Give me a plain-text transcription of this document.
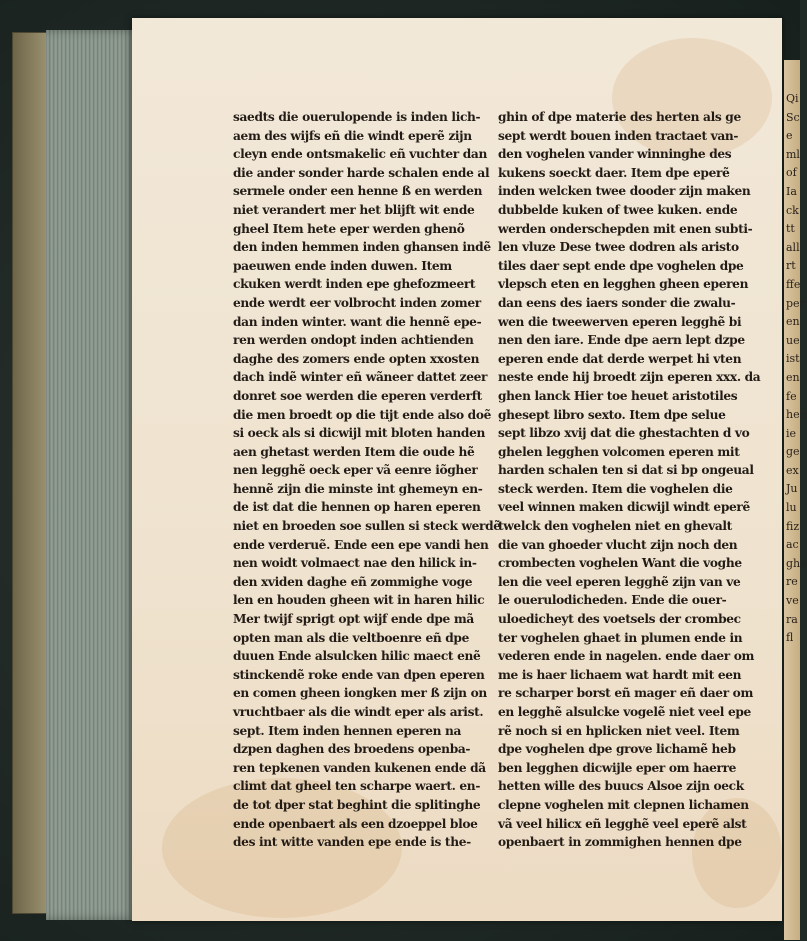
saedts die ouerulopende is inden lich-
aem des wijfs eñ die windt eperẽ zijn
cleyn ende ontsmakelic eñ vuchter dan
die ander sonder harde schalen ende al
sermele onder een henne ß en werden
niet verandert mer het blijft wit ende
gheel Item hete eper werden ghenõ
den inden hemmen inden ghansen indẽ
paeuwen ende inden duwen. Item
ckuken werdt inden epe ghefozmeert
ende werdt eer volbrocht inden zomer
dan inden winter. want die hennẽ epe-
ren werden ondopt inden achtienden
daghe des zomers ende opten xxosten
dach indẽ winter eñ wãneer dattet zeer
donret soe werden die eperen verderft
die men broedt op die tijt ende also doẽ
si oeck als si dicwijl mit bloten handen
aen ghetast werden Item die oude hẽ
nen legghẽ oeck eper vã eenre iõgher
hennẽ zijn die minste int ghemeyn en-
de ist dat die hennen op haren eperen
niet en broeden soe sullen si steck werdẽ
ende verderuẽ. Ende een epe vandi hen
nen woidt volmaect nae den hilick in-
den xviden daghe eñ zommighe voge
len en houden gheen wit in haren hilic
Mer twijf sprigt opt wijf ende dpe mã
opten man als die veltboenre eñ dpe
duuen Ende alsulcken hilic maect enẽ
stinckendẽ roke ende van dpen eperen
en comen gheen iongken mer ß zijn on
vruchtbaer als die windt eper als arist.
sept. Item inden hennen eperen na
dzpen daghen des broedens openba-
ren tepkenen vanden kukenen ende dã
climt dat gheel ten scharpe waert. en-
de tot dper stat beghint die splitinghe
ende openbaert als een dzoeppel bloe
des int witte vanden epe ende is the-
ghin of dpe materie des herten als ge
sept werdt bouen inden tractaet van-
den voghelen vander winninghe des
kukens soeckt daer. Item dpe eperẽ
inden welcken twee dooder zijn maken
dubbelde kuken of twee kuken. ende
werden onderschepden mit enen subti-
len vluze Dese twee dodren als aristo
tiles daer sept ende dpe voghelen dpe
vlepsch eten en legghen gheen eperen
dan eens des iaers sonder die zwalu-
wen die tweewerven eperen legghẽ bi
nen den iare. Ende dpe aern lept dzpe
eperen ende dat derde werpet hi vten
neste ende hij broedt zijn eperen xxx. da
ghen lanck Hier toe heuet aristotiles
ghesept libro sexto. Item dpe selue
sept libzo xvij dat die ghestachten d vo
ghelen legghen volcomen eperen mit
harden schalen ten si dat si bp ongeual
steck werden. Item die voghelen die
veel winnen maken dicwijl windt eperẽ
twelck den voghelen niet en ghevalt
die van ghoeder vlucht zijn noch den
crombecten voghelen Want die voghe
len die veel eperen legghẽ zijn van ve
le ouerulodicheden. Ende die ouer-
uloedicheyt des voetsels der crombec
ter voghelen ghaet in plumen ende in
vederen ende in nagelen. ende daer om
me is haer lichaem wat hardt mit een
re scharper borst eñ mager eñ daer om
en legghẽ alsulcke vogelẽ niet veel epe
rẽ noch si en hplicken niet veel. Item
dpe voghelen dpe grove lichamẽ heb
ben legghen dicwijle eper om haerre
hetten wille des buucs Alsoe zijn oeck
clepne voghelen mit clepnen lichamen
vã veel hilicx eñ legghẽ veel eperẽ alst
openbaert in zommighen hennen dpe
Qi
Sc
e
ml
of
Ia
ck
tt
all
rt
ffe
per
en
ue
ist
en
fe
hen
ie
ge
ex
Ju
lu
fiz
ac
ghe
re
ve
ra
fl
